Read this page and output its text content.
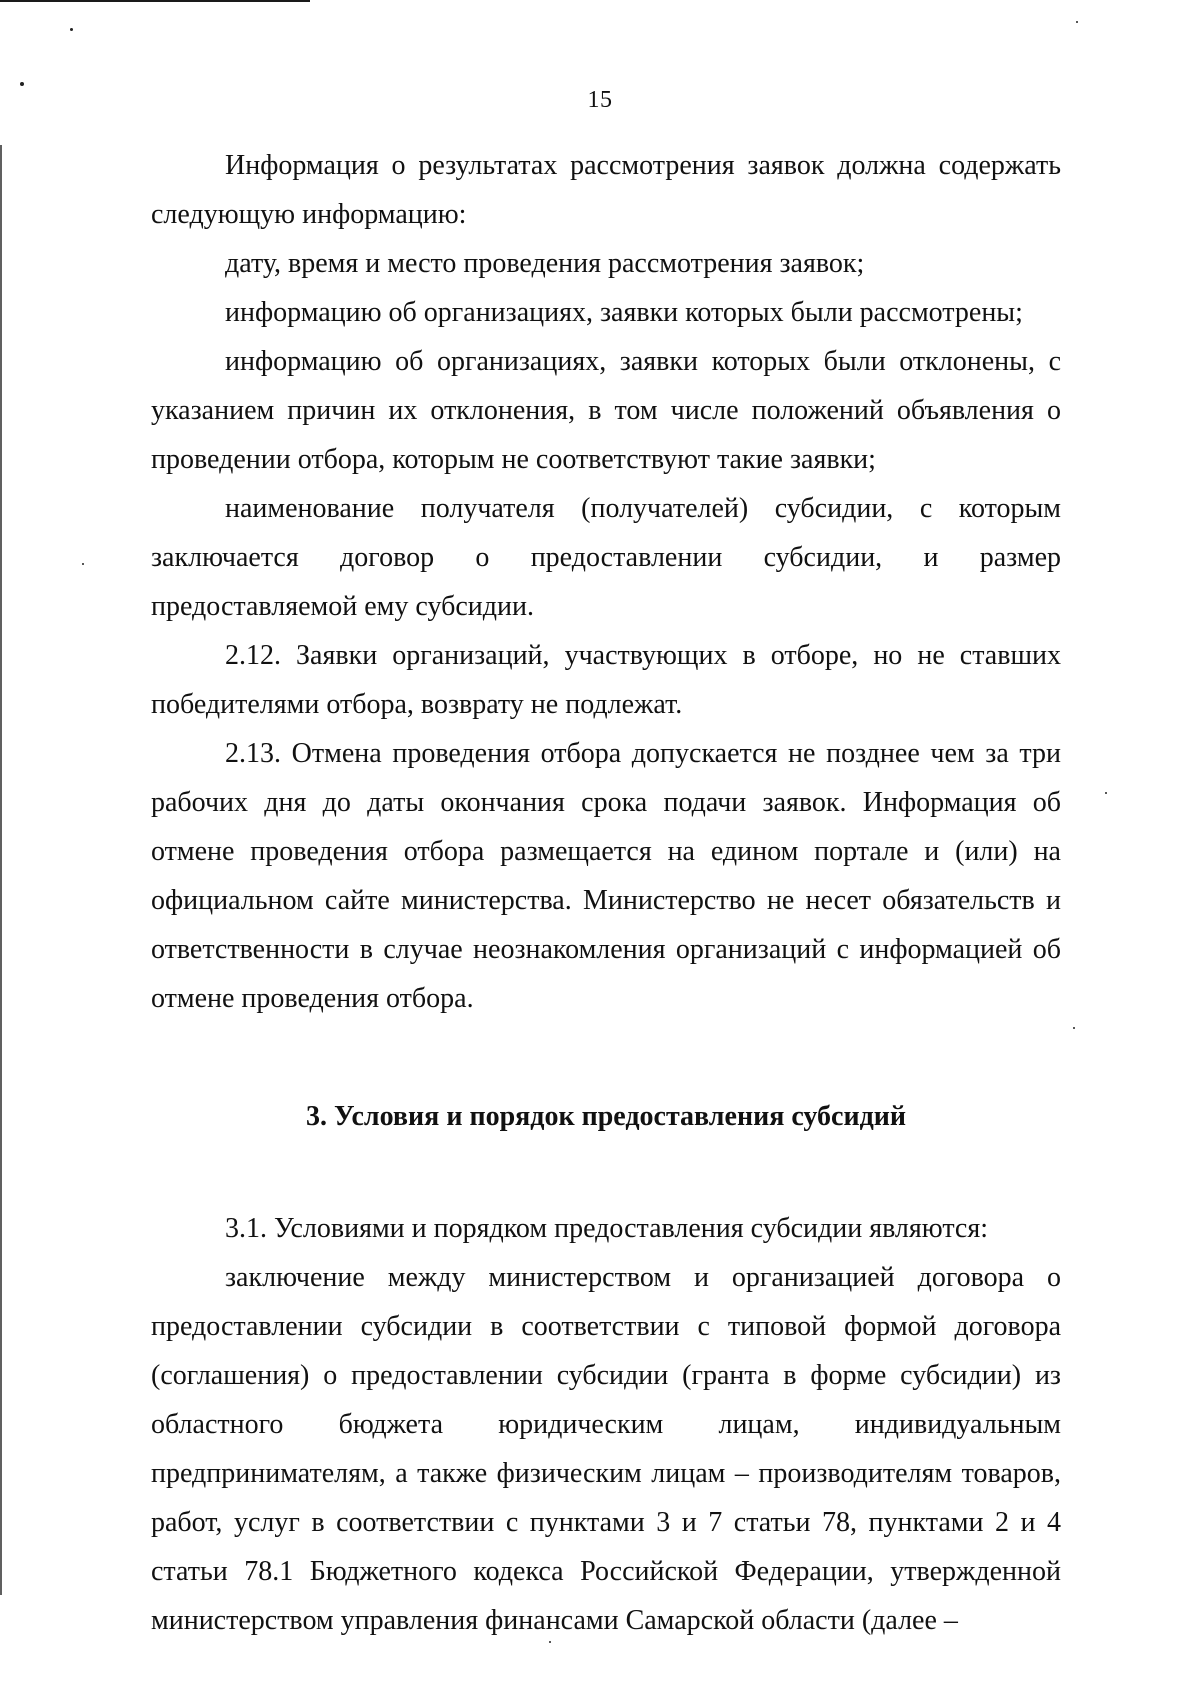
15

Информация о результатах рассмотрения заявок должна содержать следующую информацию:

дату, время и место проведения рассмотрения заявок;

информацию об организациях, заявки которых были рассмотрены;

информацию об организациях, заявки которых были отклонены, с указанием причин их отклонения, в том числе положений объявления о проведении отбора, которым не соответствуют такие заявки;

наименование получателя (получателей) субсидии, с которым заключается договор о предоставлении субсидии, и размер предоставляемой ему субсидии.

2.12. Заявки организаций, участвующих в отборе, но не ставших победителями отбора, возврату не подлежат.

2.13. Отмена проведения отбора допускается не позднее чем за три рабочих дня до даты окончания срока подачи заявок. Информация об отмене проведения отбора размещается на едином портале и (или) на официальном сайте министерства. Министерство не несет обязательств и ответственности в случае неознакомления организаций с информацией об отмене проведения отбора.

3. Условия и порядок предоставления субсидий

3.1. Условиями и порядком предоставления субсидии являются:

заключение между министерством и организацией договора о предоставлении субсидии в соответствии с типовой формой договора (соглашения) о предоставлении субсидии (гранта в форме субсидии) из областного бюджета юридическим лицам, индивидуальным предпринимателям, а также физическим лицам – производителям товаров, работ, услуг в соответствии с пунктами 3 и 7 статьи 78, пунктами 2 и 4 статьи 78.1 Бюджетного кодекса Российской Федерации, утвержденной министерством управления финансами Самарской области (далее –
